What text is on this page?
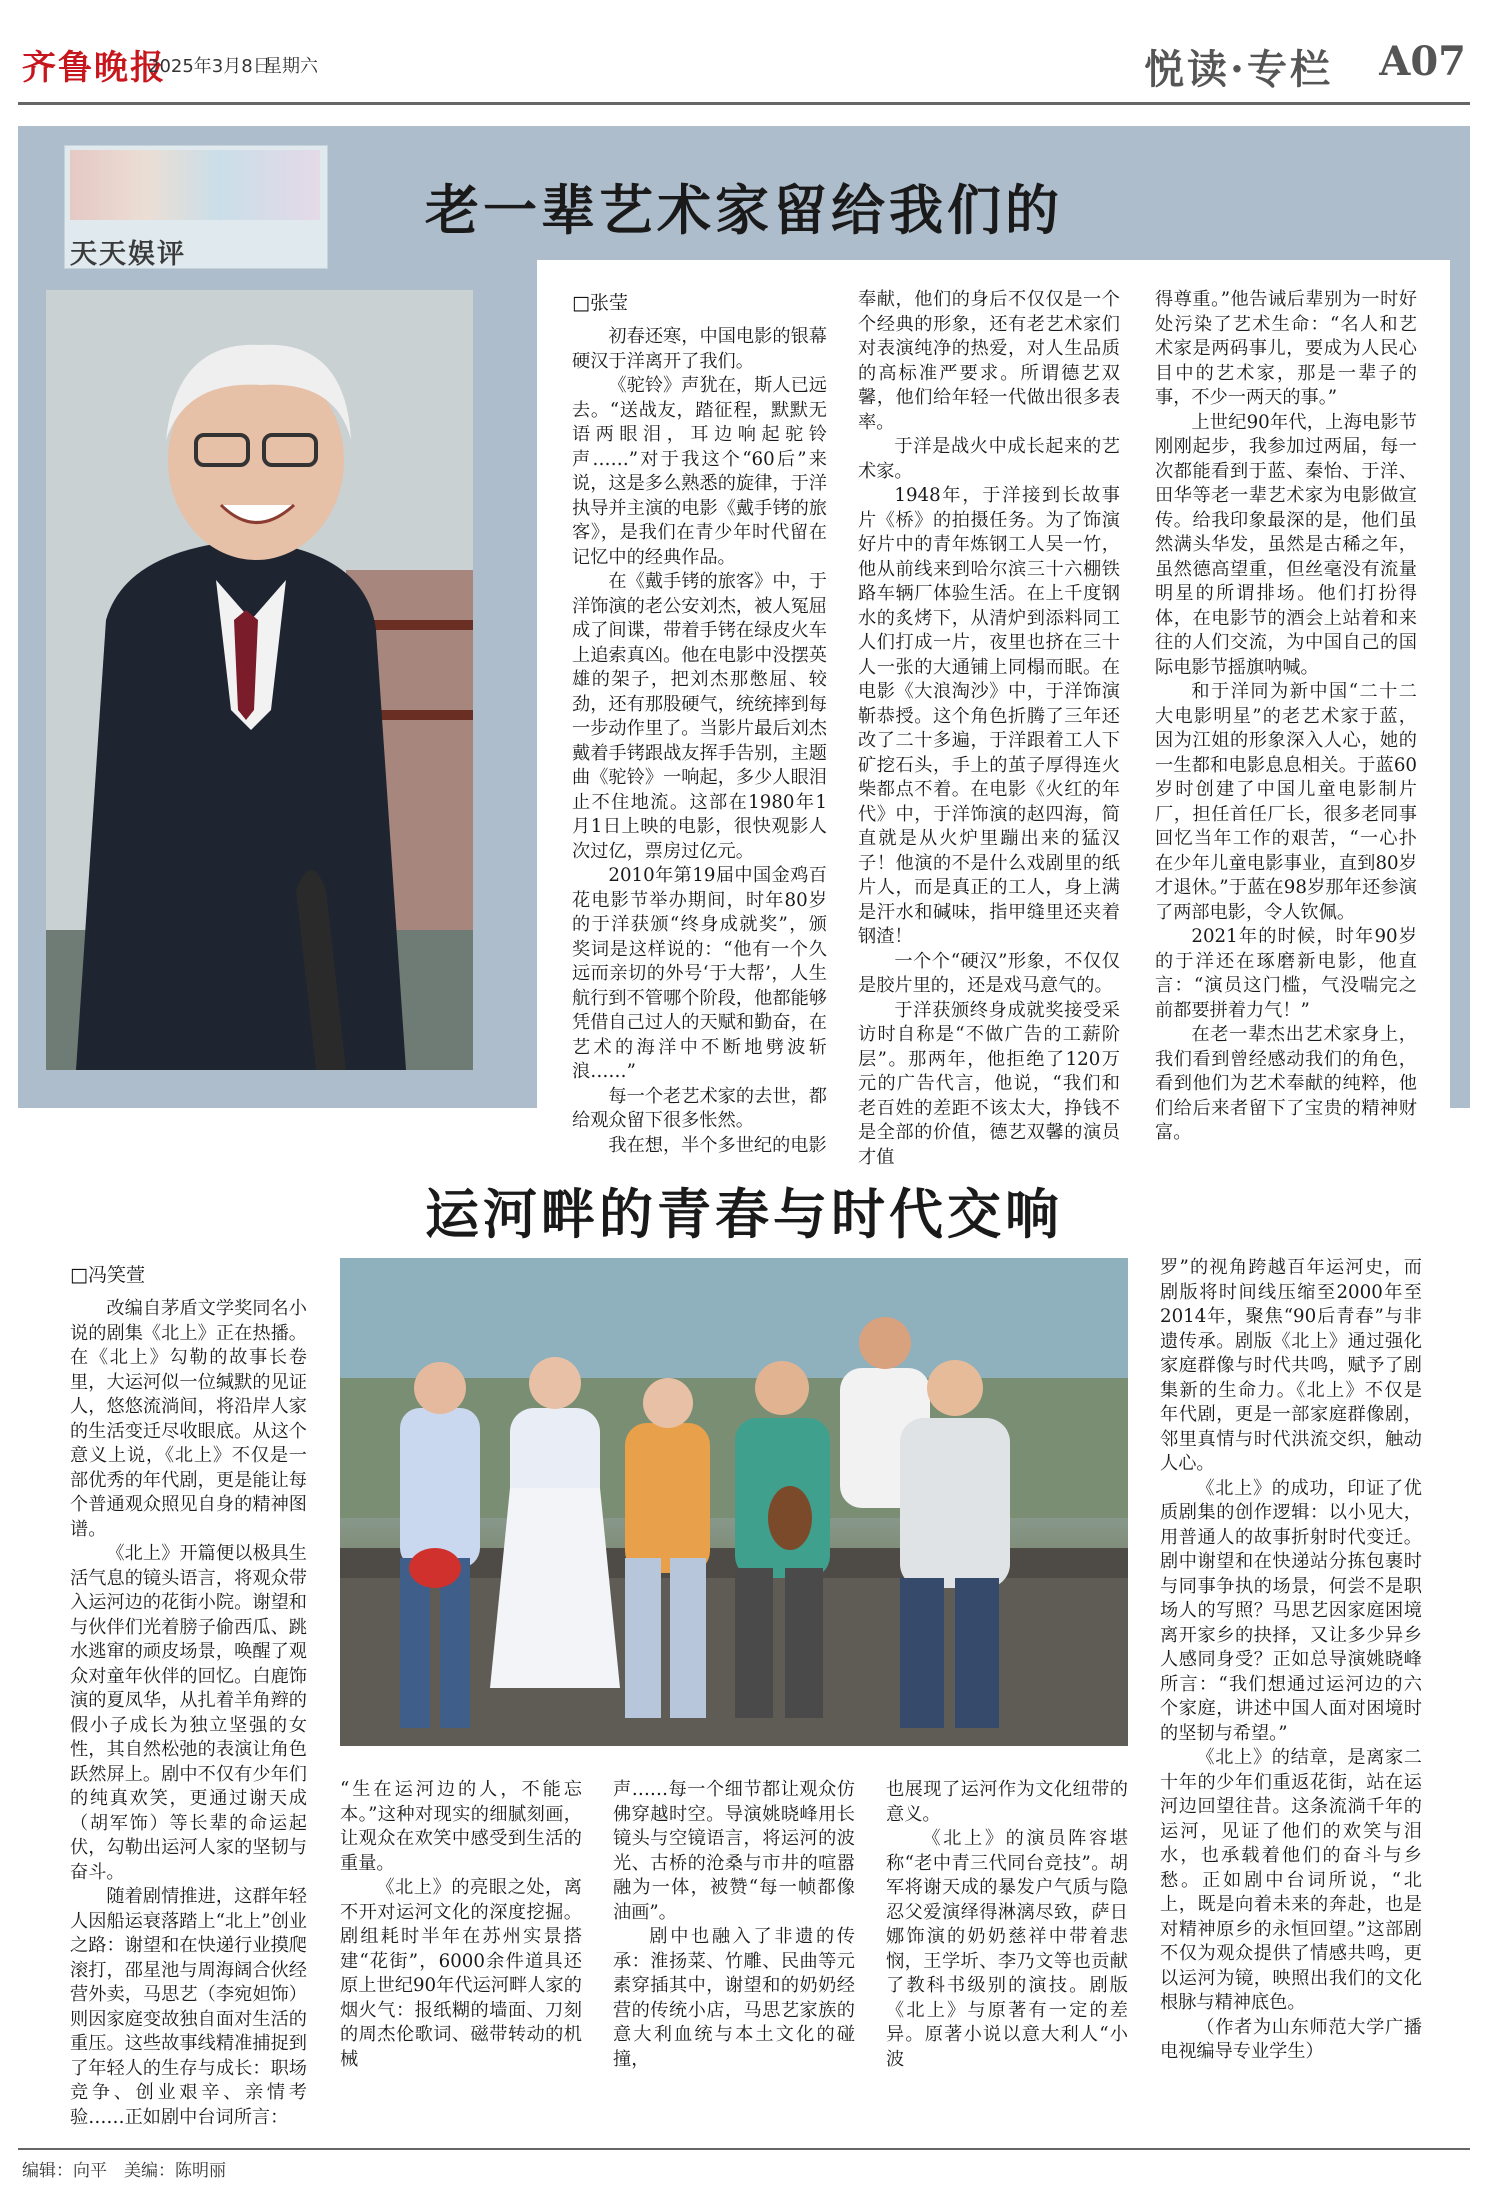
齐鲁晚报
2025年3月8日
星期六	悦读·专栏 A07
天天娱评
老一辈艺术家留给我们的
□张莹

初春还寒，中国电影的银幕硬汉于洋离开了我们。

《驼铃》声犹在，斯人已远去。“送战友，踏征程，默默无语两眼泪，耳边响起驼铃声……”对于我这个“60后”来说，这是多么熟悉的旋律，于洋执导并主演的电影《戴手铐的旅客》，是我们在青少年时代留在记忆中的经典作品。

在《戴手铐的旅客》中，于洋饰演的老公安刘杰，被人冤屈成了间谍，带着手铐在绿皮火车上追索真凶。他在电影中没摆英雄的架子，把刘杰那憋屈、较劲，还有那股硬气，统统摔到每一步动作里了。当影片最后刘杰戴着手铐跟战友挥手告别，主题曲《驼铃》一响起，多少人眼泪止不住地流。这部在1980年1月1日上映的电影，很快观影人次过亿，票房过亿元。

2010年第19届中国金鸡百花电影节举办期间，时年80岁的于洋获颁“终身成就奖”，颁奖词是这样说的：“他有一个久远而亲切的外号‘于大帮’，人生航行到不管哪个阶段，他都能够凭借自己过人的天赋和勤奋，在艺术的海洋中不断地劈波斩浪……”

每一个老艺术家的去世，都给观众留下很多怅然。

我在想，半个多世纪的电影

奉献，他们的身后不仅仅是一个个经典的形象，还有老艺术家们对表演纯净的热爱，对人生品质的高标准严要求。所谓德艺双馨，他们给年轻一代做出很多表率。

于洋是战火中成长起来的艺术家。

1948年，于洋接到长故事片《桥》的拍摄任务。为了饰演好片中的青年炼钢工人吴一竹，他从前线来到哈尔滨三十六棚铁路车辆厂体验生活。在上千度钢水的炙烤下，从清炉到添料同工人们打成一片，夜里也挤在三十人一张的大通铺上同榻而眠。在电影《大浪淘沙》中，于洋饰演靳恭授。这个角色折腾了三年还改了二十多遍，于洋跟着工人下矿挖石头，手上的茧子厚得连火柴都点不着。在电影《火红的年代》中，于洋饰演的赵四海，简直就是从火炉里蹦出来的猛汉子！他演的不是什么戏剧里的纸片人，而是真正的工人，身上满是汗水和碱味，指甲缝里还夹着钢渣！

一个个“硬汉”形象，不仅仅是胶片里的，还是戏马意气的。

于洋获颁终身成就奖接受采访时自称是“不做广告的工薪阶层”。那两年，他拒绝了120万元的广告代言，他说，“我们和老百姓的差距不该太大，挣钱不是全部的价值，德艺双馨的演员才值

得尊重。”他告诫后辈别为一时好处污染了艺术生命：“名人和艺术家是两码事儿，要成为人民心目中的艺术家，那是一辈子的事，不少一两天的事。”

上世纪90年代，上海电影节刚刚起步，我参加过两届，每一次都能看到于蓝、秦怡、于洋、田华等老一辈艺术家为电影做宣传。给我印象最深的是，他们虽然满头华发，虽然是古稀之年，虽然德高望重，但丝毫没有流量明星的所谓排场。他们打扮得体，在电影节的酒会上站着和来往的人们交流，为中国自己的国际电影节摇旗呐喊。

和于洋同为新中国“二十二大电影明星”的老艺术家于蓝，因为江姐的形象深入人心，她的一生都和电影息息相关。于蓝60岁时创建了中国儿童电影制片厂，担任首任厂长，很多老同事回忆当年工作的艰苦，“一心扑在少年儿童电影事业，直到80岁才退休。”于蓝在98岁那年还参演了两部电影，令人钦佩。

2021年的时候，时年90岁的于洋还在琢磨新电影，他直言：“演员这门槛，气没喘完之前都要拼着力气！”

在老一辈杰出艺术家身上，我们看到曾经感动我们的角色，看到他们为艺术奉献的纯粹，他们给后来者留下了宝贵的精神财富。

运河畔的青春与时代交响
□冯笑萱

改编自茅盾文学奖同名小说的剧集《北上》正在热播。在《北上》勾勒的故事长卷里，大运河似一位缄默的见证人，悠悠流淌间，将沿岸人家的生活变迁尽收眼底。从这个意义上说，《北上》不仅是一部优秀的年代剧，更是能让每个普通观众照见自身的精神图谱。

《北上》开篇便以极具生活气息的镜头语言，将观众带入运河边的花街小院。谢望和与伙伴们光着膀子偷西瓜、跳水逃窜的顽皮场景，唤醒了观众对童年伙伴的回忆。白鹿饰演的夏凤华，从扎着羊角辫的假小子成长为独立坚强的女性，其自然松弛的表演让角色跃然屏上。剧中不仅有少年们的纯真欢笑，更通过谢天成（胡军饰）等长辈的命运起伏，勾勒出运河人家的坚韧与奋斗。

随着剧情推进，这群年轻人因船运衰落踏上“北上”创业之路：谢望和在快递行业摸爬滚打，邵星池与周海阔合伙经营外卖，马思艺（李宛妲饰）则因家庭变故独自面对生活的重压。这些故事线精准捕捉到了年轻人的生存与成长：职场竞争、创业艰辛、亲情考验……正如剧中台词所言：

“生在运河边的人，不能忘本。”这种对现实的细腻刻画，让观众在欢笑中感受到生活的重量。

《北上》的亮眼之处，离不开对运河文化的深度挖掘。剧组耗时半年在苏州实景搭建“花街”，6000余件道具还原上世纪90年代运河畔人家的烟火气：报纸糊的墙面、刀刻的周杰伦歌词、磁带转动的机械

声……每一个细节都让观众仿佛穿越时空。导演姚晓峰用长镜头与空镜语言，将运河的波光、古桥的沧桑与市井的喧嚣融为一体，被赞“每一帧都像油画”。

剧中也融入了非遗的传承：淮扬菜、竹雕、民曲等元素穿插其中，谢望和的奶奶经营的传统小店，马思艺家族的意大利血统与本土文化的碰撞，

也展现了运河作为文化纽带的意义。

《北上》的演员阵容堪称“老中青三代同台竞技”。胡军将谢天成的暴发户气质与隐忍父爱演绎得淋漓尽致，萨日娜饰演的奶奶慈祥中带着悲悯，王学圻、李乃文等也贡献了教科书级别的演技。剧版《北上》与原著有一定的差异。原著小说以意大利人“小波

罗”的视角跨越百年运河史，而剧版将时间线压缩至2000年至2014年，聚焦“90后青春”与非遗传承。剧版《北上》通过强化家庭群像与时代共鸣，赋予了剧集新的生命力。《北上》不仅是年代剧，更是一部家庭群像剧，邻里真情与时代洪流交织，触动人心。

《北上》的成功，印证了优质剧集的创作逻辑：以小见大，用普通人的故事折射时代变迁。剧中谢望和在快递站分拣包裹时与同事争执的场景，何尝不是职场人的写照？马思艺因家庭困境离开家乡的抉择，又让多少异乡人感同身受？正如总导演姚晓峰所言：“我们想通过运河边的六个家庭，讲述中国人面对困境时的坚韧与希望。”

《北上》的结章，是离家二十年的少年们重返花街，站在运河边回望往昔。这条流淌千年的运河，见证了他们的欢笑与泪水，也承载着他们的奋斗与乡愁。正如剧中台词所说，“北上，既是向着未来的奔赴，也是对精神原乡的永恒回望。”这部剧不仅为观众提供了情感共鸣，更以运河为镜，映照出我们的文化根脉与精神底色。

（作者为山东师范大学广播电视编导专业学生）

编辑：向平　美编：陈明丽
